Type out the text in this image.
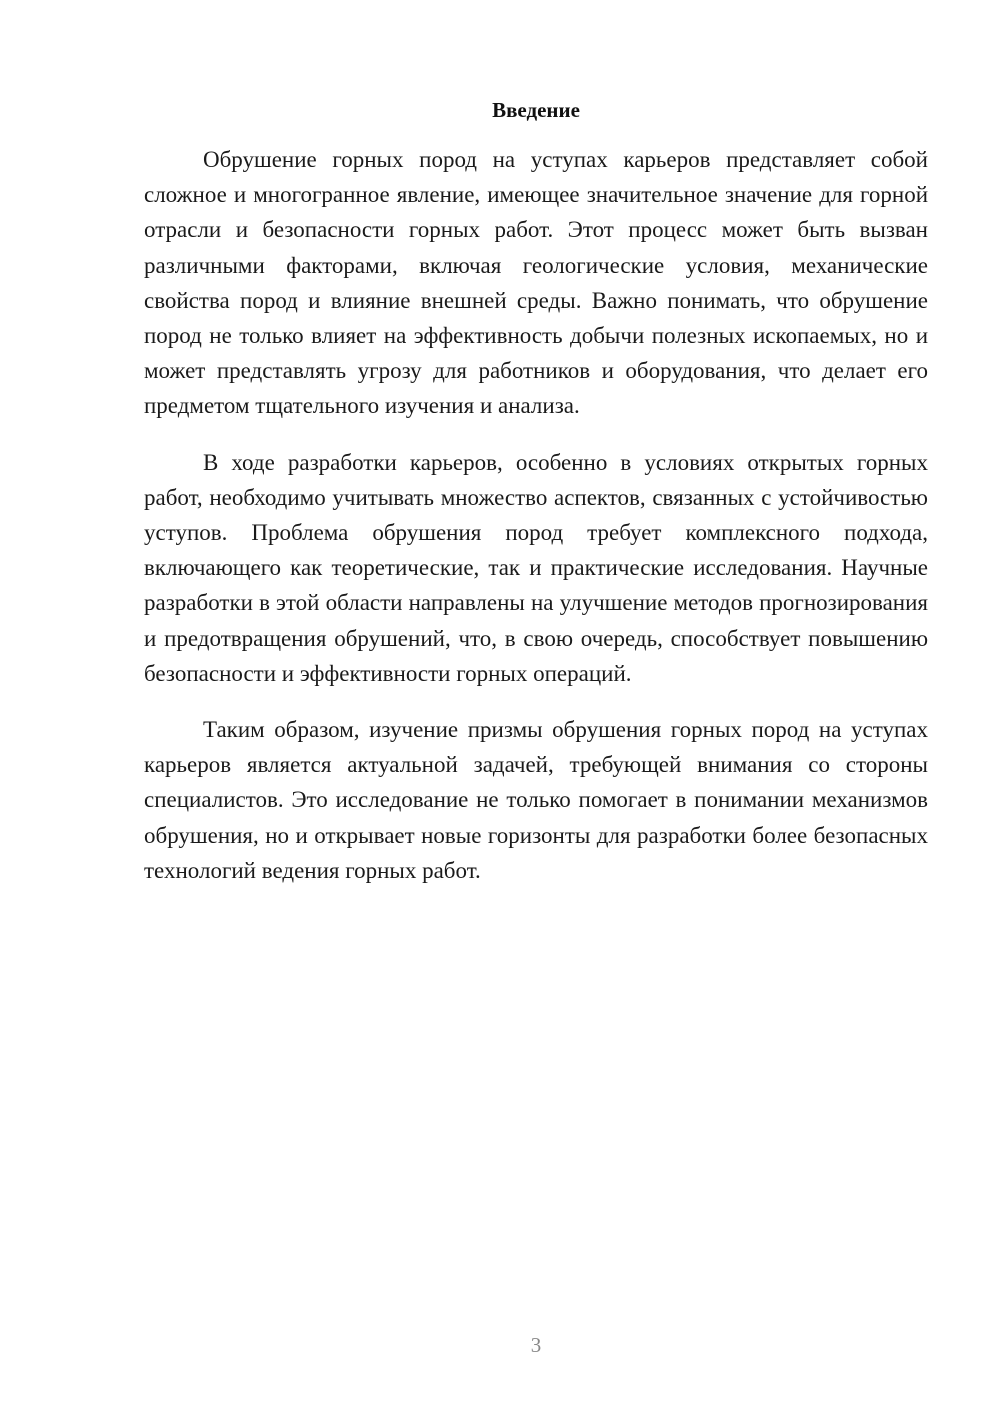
Введение

Обрушение горных пород на уступах карьеров представляет собой сложное и многогранное явление, имеющее значительное значение для горной отрасли и безопасности горных работ. Этот процесс может быть вызван различными факторами, включая геологические условия, механические свойства пород и влияние внешней среды. Важно понимать, что обрушение пород не только влияет на эффективность добычи полезных ископаемых, но и может представлять угрозу для работников и оборудования, что делает его предметом тщательного изучения и анализа.

В ходе разработки карьеров, особенно в условиях открытых горных работ, необходимо учитывать множество аспектов, связанных с устойчивостью уступов. Проблема обрушения пород требует комплексного подхода, включающего как теоретические, так и практические исследования. Научные разработки в этой области направлены на улучшение методов прогнозирования и предотвращения обрушений, что, в свою очередь, способствует повышению безопасности и эффективности горных операций.

Таким образом, изучение призмы обрушения горных пород на уступах карьеров является актуальной задачей, требующей внимания со стороны специалистов. Это исследование не только помогает в понимании механизмов обрушения, но и открывает новые горизонты для разработки более безопасных технологий ведения горных работ.

3
